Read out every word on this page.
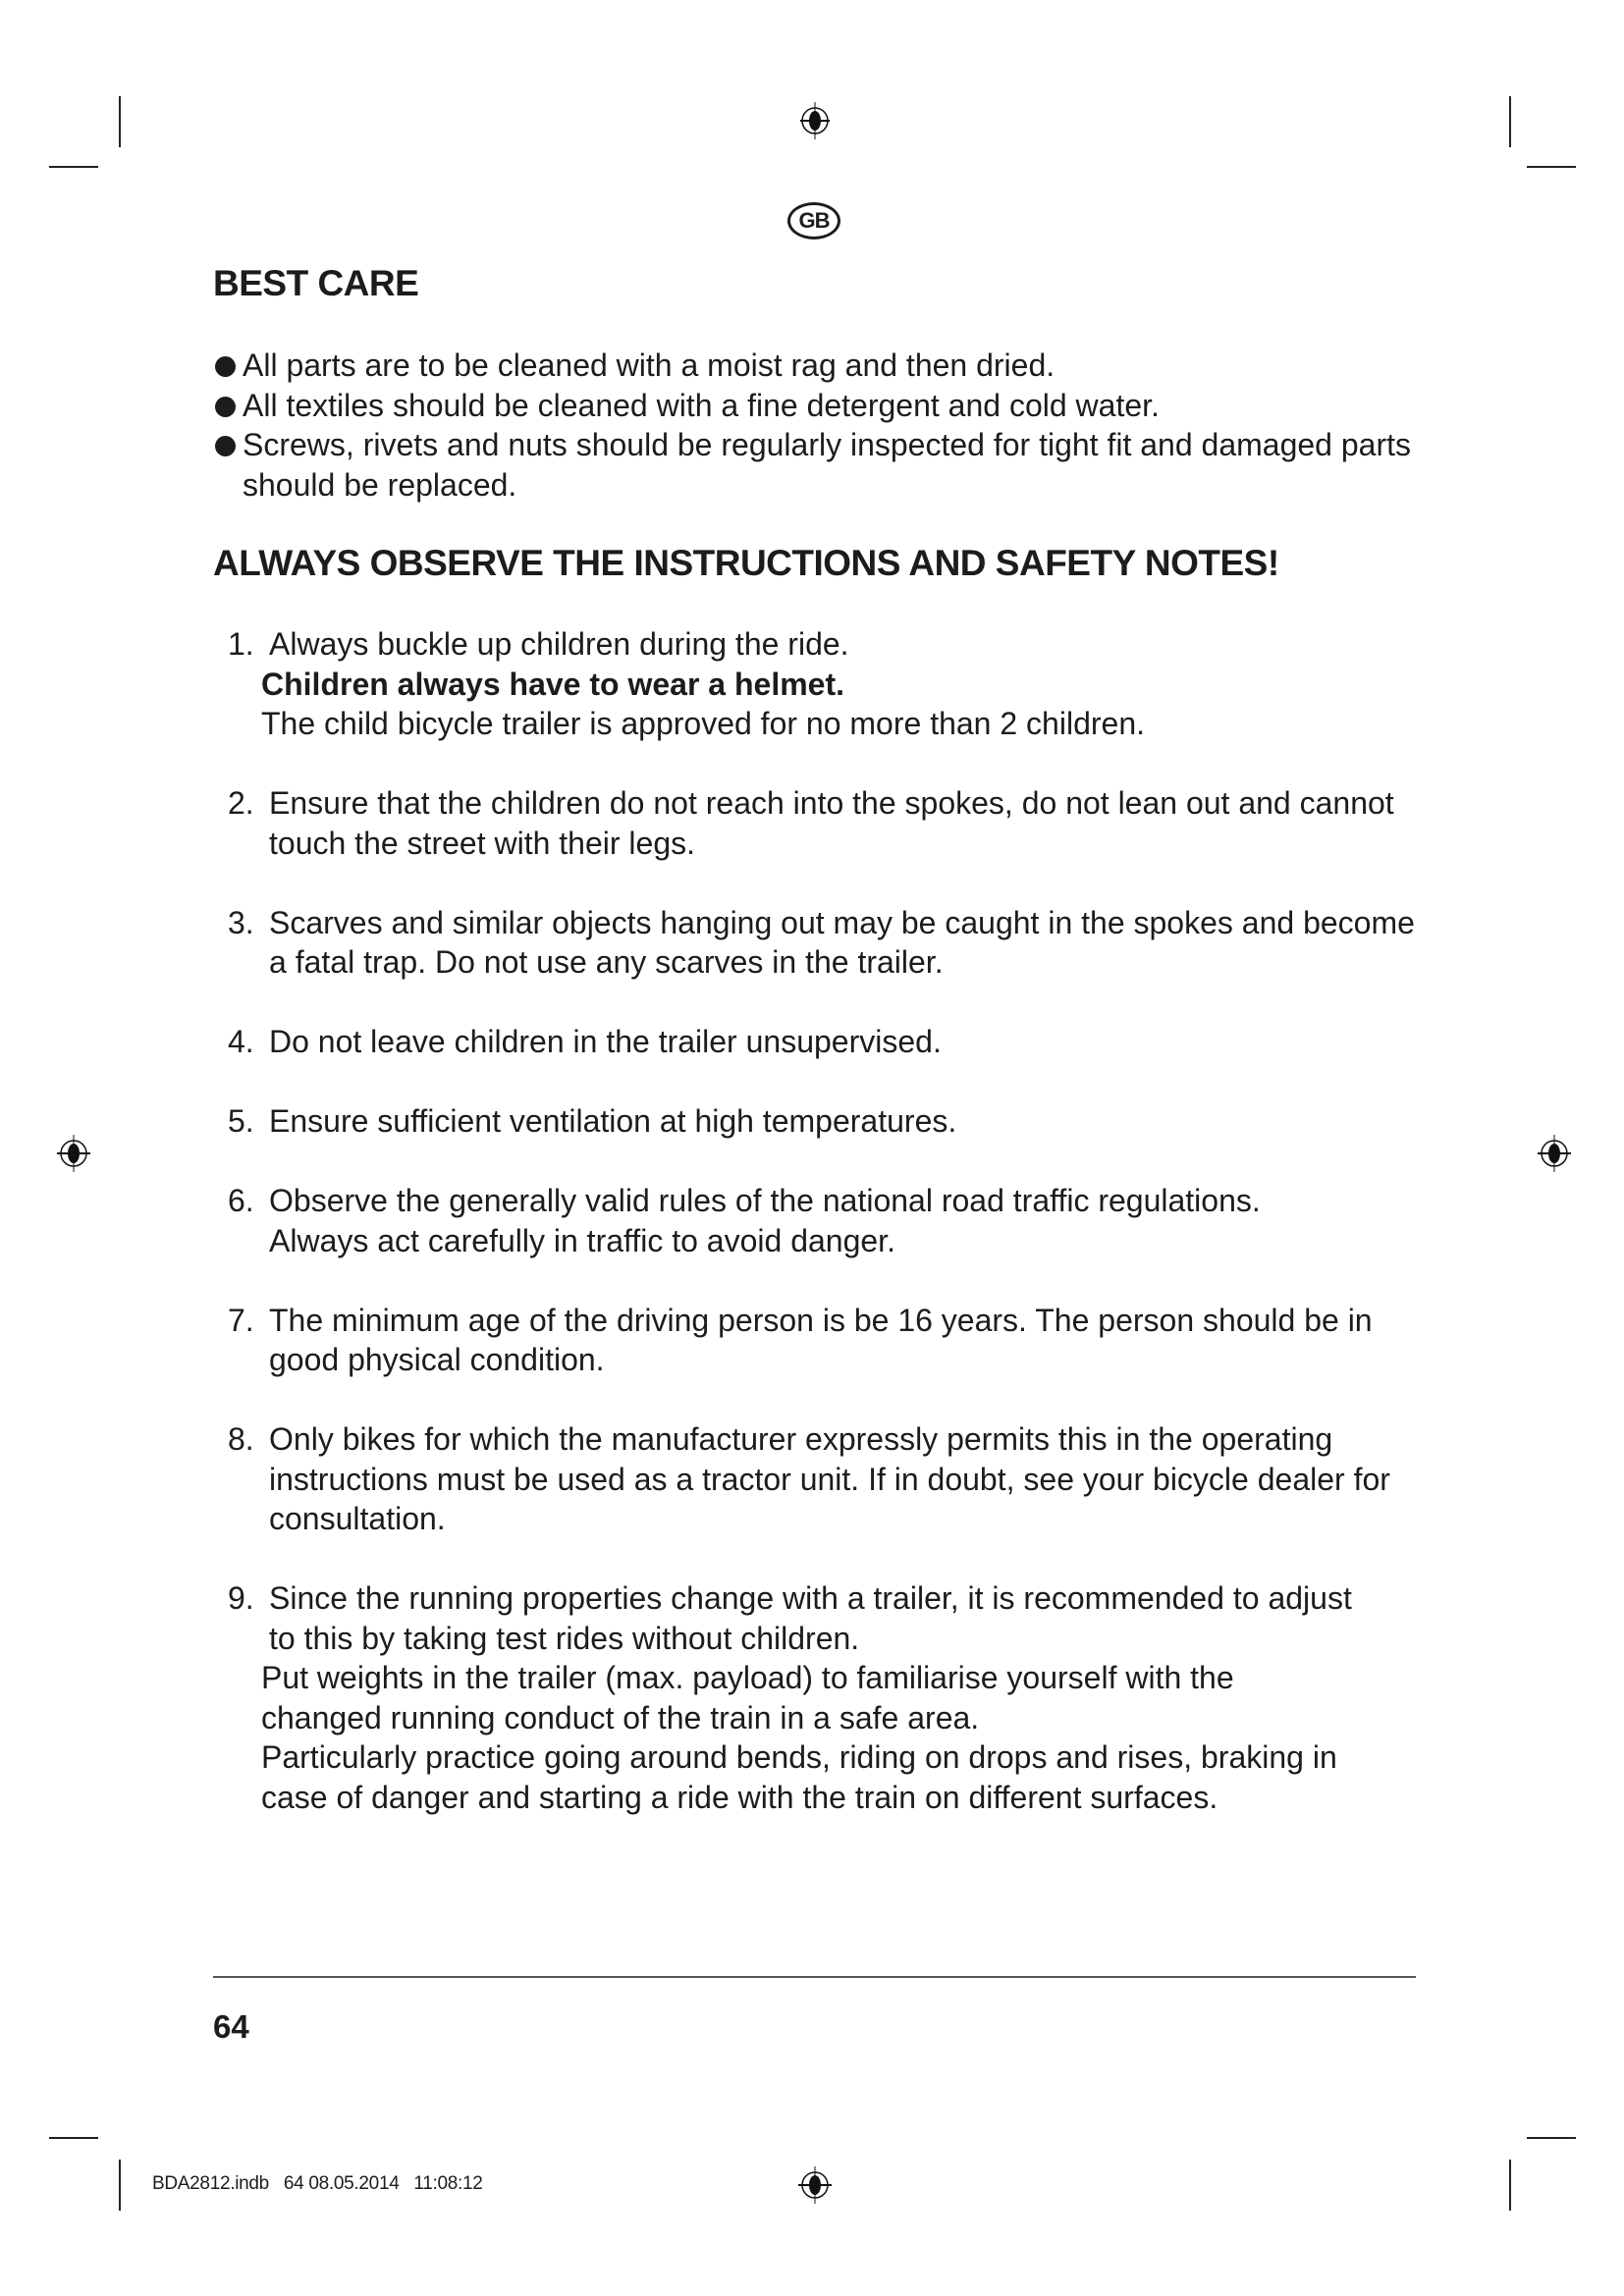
GB
BEST CARE
All parts are to be cleaned with a moist rag and then dried.
All textiles should be cleaned with a fine detergent and cold water.
Screws, rivets and nuts should be regularly inspected for tight fit and damaged parts should be replaced.
ALWAYS OBSERVE THE INSTRUCTIONS AND SAFETY NOTES!
1. Always buckle up children during the ride.
Children always have to wear a helmet.
The child bicycle trailer is approved for no more than 2 children.
2. Ensure that the children do not reach into the spokes, do not lean out and cannot touch the street with their legs.
3. Scarves and similar objects hanging out may be caught in the spokes and become a fatal trap. Do not use any scarves in the trailer.
4. Do not leave children in the trailer unsupervised.
5. Ensure sufficient ventilation at high temperatures.
6. Observe the generally valid rules of the national road traffic regulations. Always act carefully in traffic to avoid danger.
7. The minimum age of the driving person is be 16 years. The person should be in good physical condition.
8. Only bikes for which the manufacturer expressly permits this in the operating instructions must be used as a tractor unit. If in doubt, see your bicycle dealer for consultation.
9. Since the running properties change with a trailer, it is recommended to adjust to this by taking test rides without children.
Put weights in the trailer (max. payload) to familiarise yourself with the changed running conduct of the train in a safe area.
Particularly practice going around bends, riding on drops and rises, braking in case of danger and starting a ride with the train on different surfaces.
64
BDA2812.indb   64 08.05.2014   11:08:12
